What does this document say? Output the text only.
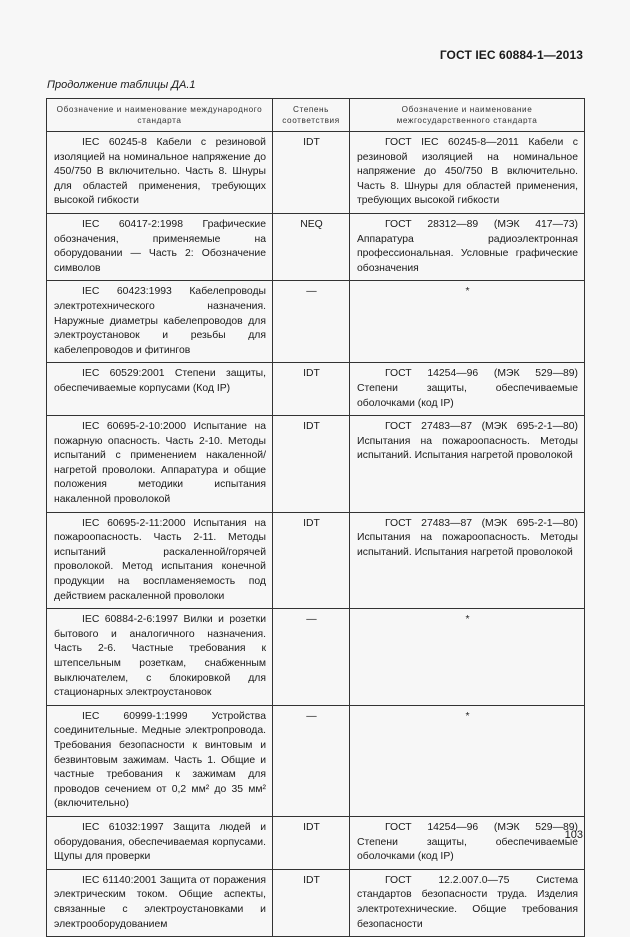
ГОСТ IEC 60884-1—2013
Продолжение таблицы ДА.1
Обозначение и наименование международного стандарта	Степень соответствия	Обозначение и наименование межгосударственного стандарта
IEC 60245-8 Кабели с резиновой изоляцией на номинальное напряжение до 450/750 В включительно. Часть 8. Шнуры для областей применения, требующих высокой гибкости	IDT	ГОСТ IEC 60245-8—2011 Кабели с резиновой изоляцией на номинальное напряжение до 450/750 В включительно. Часть 8. Шнуры для областей применения, требующих высокой гибкости
IEC 60417-2:1998 Графические обозначения, применяемые на оборудовании — Часть 2: Обозначение символов	NEQ	ГОСТ 28312—89 (МЭК 417—73) Аппаратура радиоэлектронная профессиональная. Условные графические обозначения
IEC 60423:1993 Кабелепроводы электротехнического назначения. Наружные диаметры кабелепроводов для электроустановок и резьбы для кабелепроводов и фитингов	—	*
IEC 60529:2001 Степени защиты, обеспечиваемые корпусами (Код IP)	IDT	ГОСТ 14254—96 (МЭК 529—89) Степени защиты, обеспечиваемые оболочками (код IP)
IEC 60695-2-10:2000 Испытание на пожарную опасность. Часть 2-10. Методы испытаний с применением накаленной/нагретой проволоки. Аппаратура и общие положения методики испытания накаленной проволокой	IDT	ГОСТ 27483—87 (МЭК 695-2-1—80) Испытания на пожароопасность. Методы испытаний. Испытания нагретой проволокой
IEC 60695-2-11:2000 Испытания на пожароопасность. Часть 2-11. Методы испытаний раскаленной/горячей проволокой. Метод испытания конечной продукции на воспламеняемость под действием раскаленной проволоки	IDT	ГОСТ 27483—87 (МЭК 695-2-1—80) Испытания на пожароопасность. Методы испытаний. Испытания нагретой проволокой
IEC 60884-2-6:1997 Вилки и розетки бытового и аналогичного назначения. Часть 2-6. Частные требования к штепсельным розеткам, снабженным выключателем, с блокировкой для стационарных электроустановок	—	*
IEC 60999-1:1999 Устройства соединительные. Медные электропровода. Требования безопасности к винтовым и безвинтовым зажимам. Часть 1. Общие и частные требования к зажимам для проводов сечением от 0,2 мм² до 35 мм² (включительно)	—	*
IEC 61032:1997 Защита людей и оборудования, обеспечиваемая корпусами. Щупы для проверки	IDT	ГОСТ 14254—96 (МЭК 529—89) Степени защиты, обеспечиваемые оболочками (код IP)
IEC 61140:2001 Защита от поражения электрическим током. Общие аспекты, связанные с электроустановками и электрооборудованием	IDT	ГОСТ 12.2.007.0—75 Система стандартов безопасности труда. Изделия электротехнические. Общие требования безопасности
103
